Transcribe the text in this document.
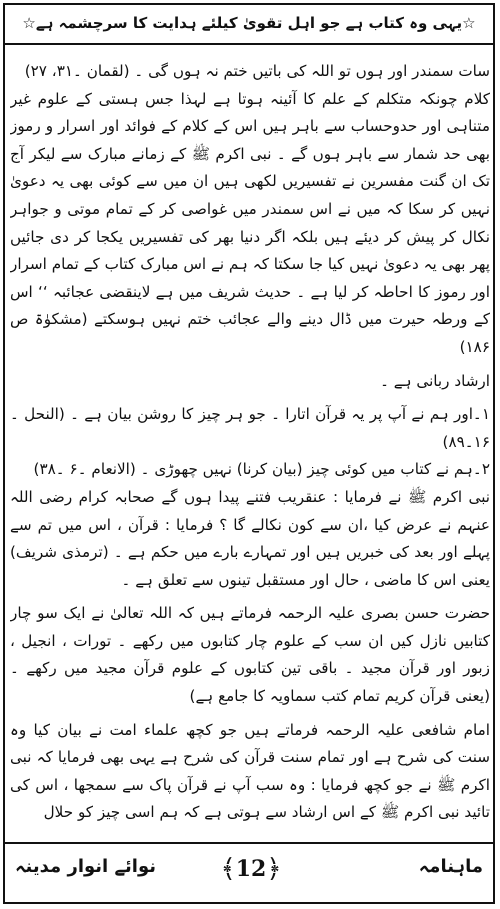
☆یہی وہ کتاب ہے جو اہل تقویٰ کیلئے ہدایت کا سرچشمہ ہے☆

سات سمندر اور ہوں تو اللہ کی باتیں ختم نہ ہوں گی ۔ (لقمان ۔۳۱، ۲۷)

کلام چونکہ متکلم کے علم کا آئینہ ہوتا ہے لہذا جس ہستی کے علوم غیر متناہی اور حدوحساب سے باہر ہیں اس کے کلام کے فوائد اور اسرار و رموز بھی حد شمار سے باہر ہوں گے ۔ نبی اکرم ﷺ کے زمانے مبارک سے لیکر آج تک ان گنت مفسرین نے تفسیریں لکھی ہیں ان میں سے کوئی بھی یہ دعویٰ نہیں کر سکا کہ میں نے اس سمندر میں غواصی کر کے تمام موتی و جواہر نکال کر پیش کر دیئے ہیں بلکہ اگر دنیا بھر کی تفسیریں یکجا کر دی جائیں پھر بھی یہ دعویٰ نہیں کیا جا سکتا کہ ہم نے اس مبارک کتاب کے تمام اسرار اور رموز کا احاطہ کر لیا ہے ۔ حدیث شریف میں ہے لاینقضی عجائبہ ‘‘ اس کے ورطہ حیرت میں ڈال دینے والے عجائب ختم نہیں ہوسکتے (مشکوٰۃ ص ۱۸۶)

ارشاد ربانی ہے ۔

۱۔اور ہم نے آپ پر یہ قرآن اتارا ۔ جو ہر چیز کا روشن بیان ہے ۔ (النحل ۔۱۶۔۸۹)

۲۔ہم نے کتاب میں کوئی چیز (بیان کرنا) نہیں چھوڑی ۔ (الانعام ۔۶ ۔۳۸)

نبی اکرم ﷺ نے فرمایا : عنقریب فتنے پیدا ہوں گے صحابہ کرام رضی اللہ عنہم نے عرض کیا ،ان سے کون نکالے گا ؟ فرمایا : قرآن ، اس میں تم سے پہلے اور بعد کی خبریں ہیں اور تمہارے بارے میں حکم ہے ۔ (ترمذی شریف) یعنی اس کا ماضی ، حال اور مستقبل تینوں سے تعلق ہے ۔

حضرت حسن بصری علیہ الرحمہ فرماتے ہیں کہ اللہ تعالیٰ نے ایک سو چار کتابیں نازل کیں ان سب کے علوم چار کتابوں میں رکھے ۔ تورات ، انجیل ، زبور اور قرآن مجید ۔ باقی تین کتابوں کے علوم قرآن مجید میں رکھے ۔ (یعنی قرآن کریم تمام کتب سماویہ کا جامع ہے)

امام شافعی علیہ الرحمہ فرماتے ہیں جو کچھ علماء امت نے بیان کیا وہ سنت کی شرح ہے اور تمام سنت قرآن کی شرح ہے یہی بھی فرمایا کہ نبی اکرم ﷺ نے جو کچھ فرمایا : وہ سب آپ نے قرآن پاک سے سمجھا ، اس کی تائید نبی اکرم ﷺ کے اس ارشاد سے ہوتی ہے کہ ہم اسی چیز کو حلال

نوائے انوار مدینہ ﴾ 12 ﴿	ماہنامہ
